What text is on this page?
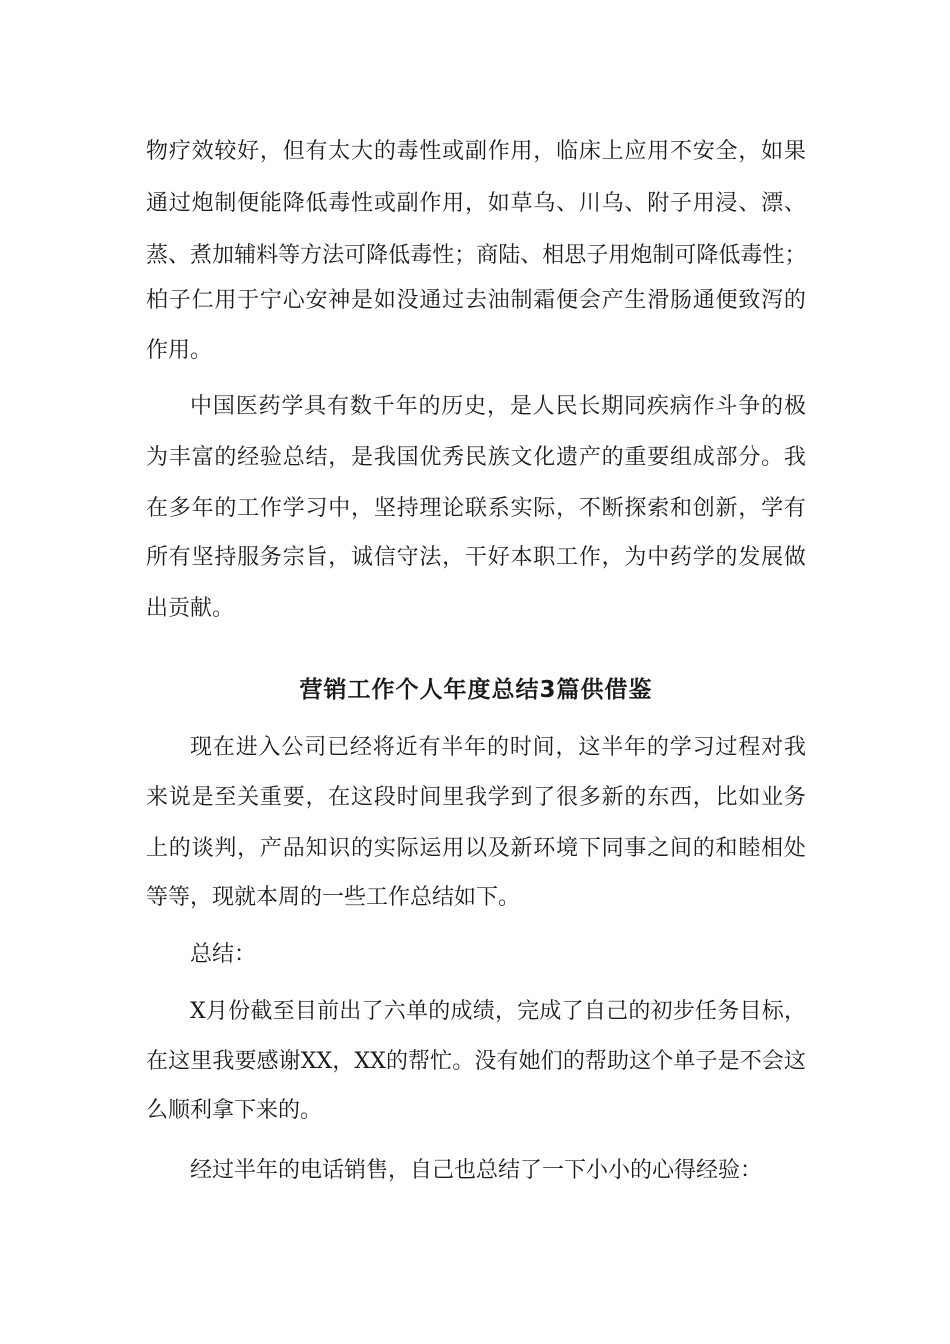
物 疗 效 较 好 ， 但 有 太 大 的 毒 性 或 副 作 用 ， 临 床 上 应 用 不 安 全 ， 如 果
通 过 炮 制 便 能 降 低 毒 性 或 副 作 用 ， 如 草 乌 、 川 乌 、 附 子 用 浸 、 漂 、
蒸 、 煮 加 辅 料 等 方 法 可 降 低 毒 性 ； 商 陆 、 相 思 子 用 炮 制 可 降 低 毒 性 ；
柏 子 仁 用 于 宁 心 安 神 是 如 没 通 过 去 油 制 霜 便 会 产 生 滑 肠 通 便 致 泻 的
作用。
中 国 医 药 学 具 有 数 千 年 的 历 史 ， 是 人 民 长 期 同 疾 病 作 斗 争 的 极
为 丰 富 的 经 验 总 结 ， 是 我 国 优 秀 民 族 文 化 遗 产 的 重 要 组 成 部 分 。 我
在 多 年 的 工 作 学 习 中 ， 坚 持 理 论 联 系 实 际 ， 不 断 探 索 和 创 新 ， 学 有
所 有 坚 持 服 务 宗 旨 ， 诚 信 守 法 ， 干 好 本 职 工 作 ， 为 中 药 学 的 发 展 做
出贡献。
营销工作个人年度总结3篇供借鉴
现 在 进 入 公 司 已 经 将 近 有 半 年 的 时 间 ， 这 半 年 的 学 习 过 程 对 我
来 说 是 至 关 重 要 ， 在 这 段 时 间 里 我 学 到 了 很 多 新 的 东 西 ， 比 如 业 务
上 的 谈 判 ， 产 品 知 识 的 实 际 运 用 以 及 新 环 境 下 同 事 之 间 的 和 睦 相 处
等等，现就本周的一些工作总结如下。
总结：
X 月 份 截 至 目 前 出 了 六 单 的 成 绩 ， 完 成 了 自 己 的 初 步 任 务 目 标 ，
在 这 里 我 要 感 谢 X X ， X X 的 帮 忙 。 没 有 她 们 的 帮 助 这 个 单 子 是 不 会 这
么顺利拿下来的。
经过半年的电话销售，自己也总结了一下小小的心得经验：
